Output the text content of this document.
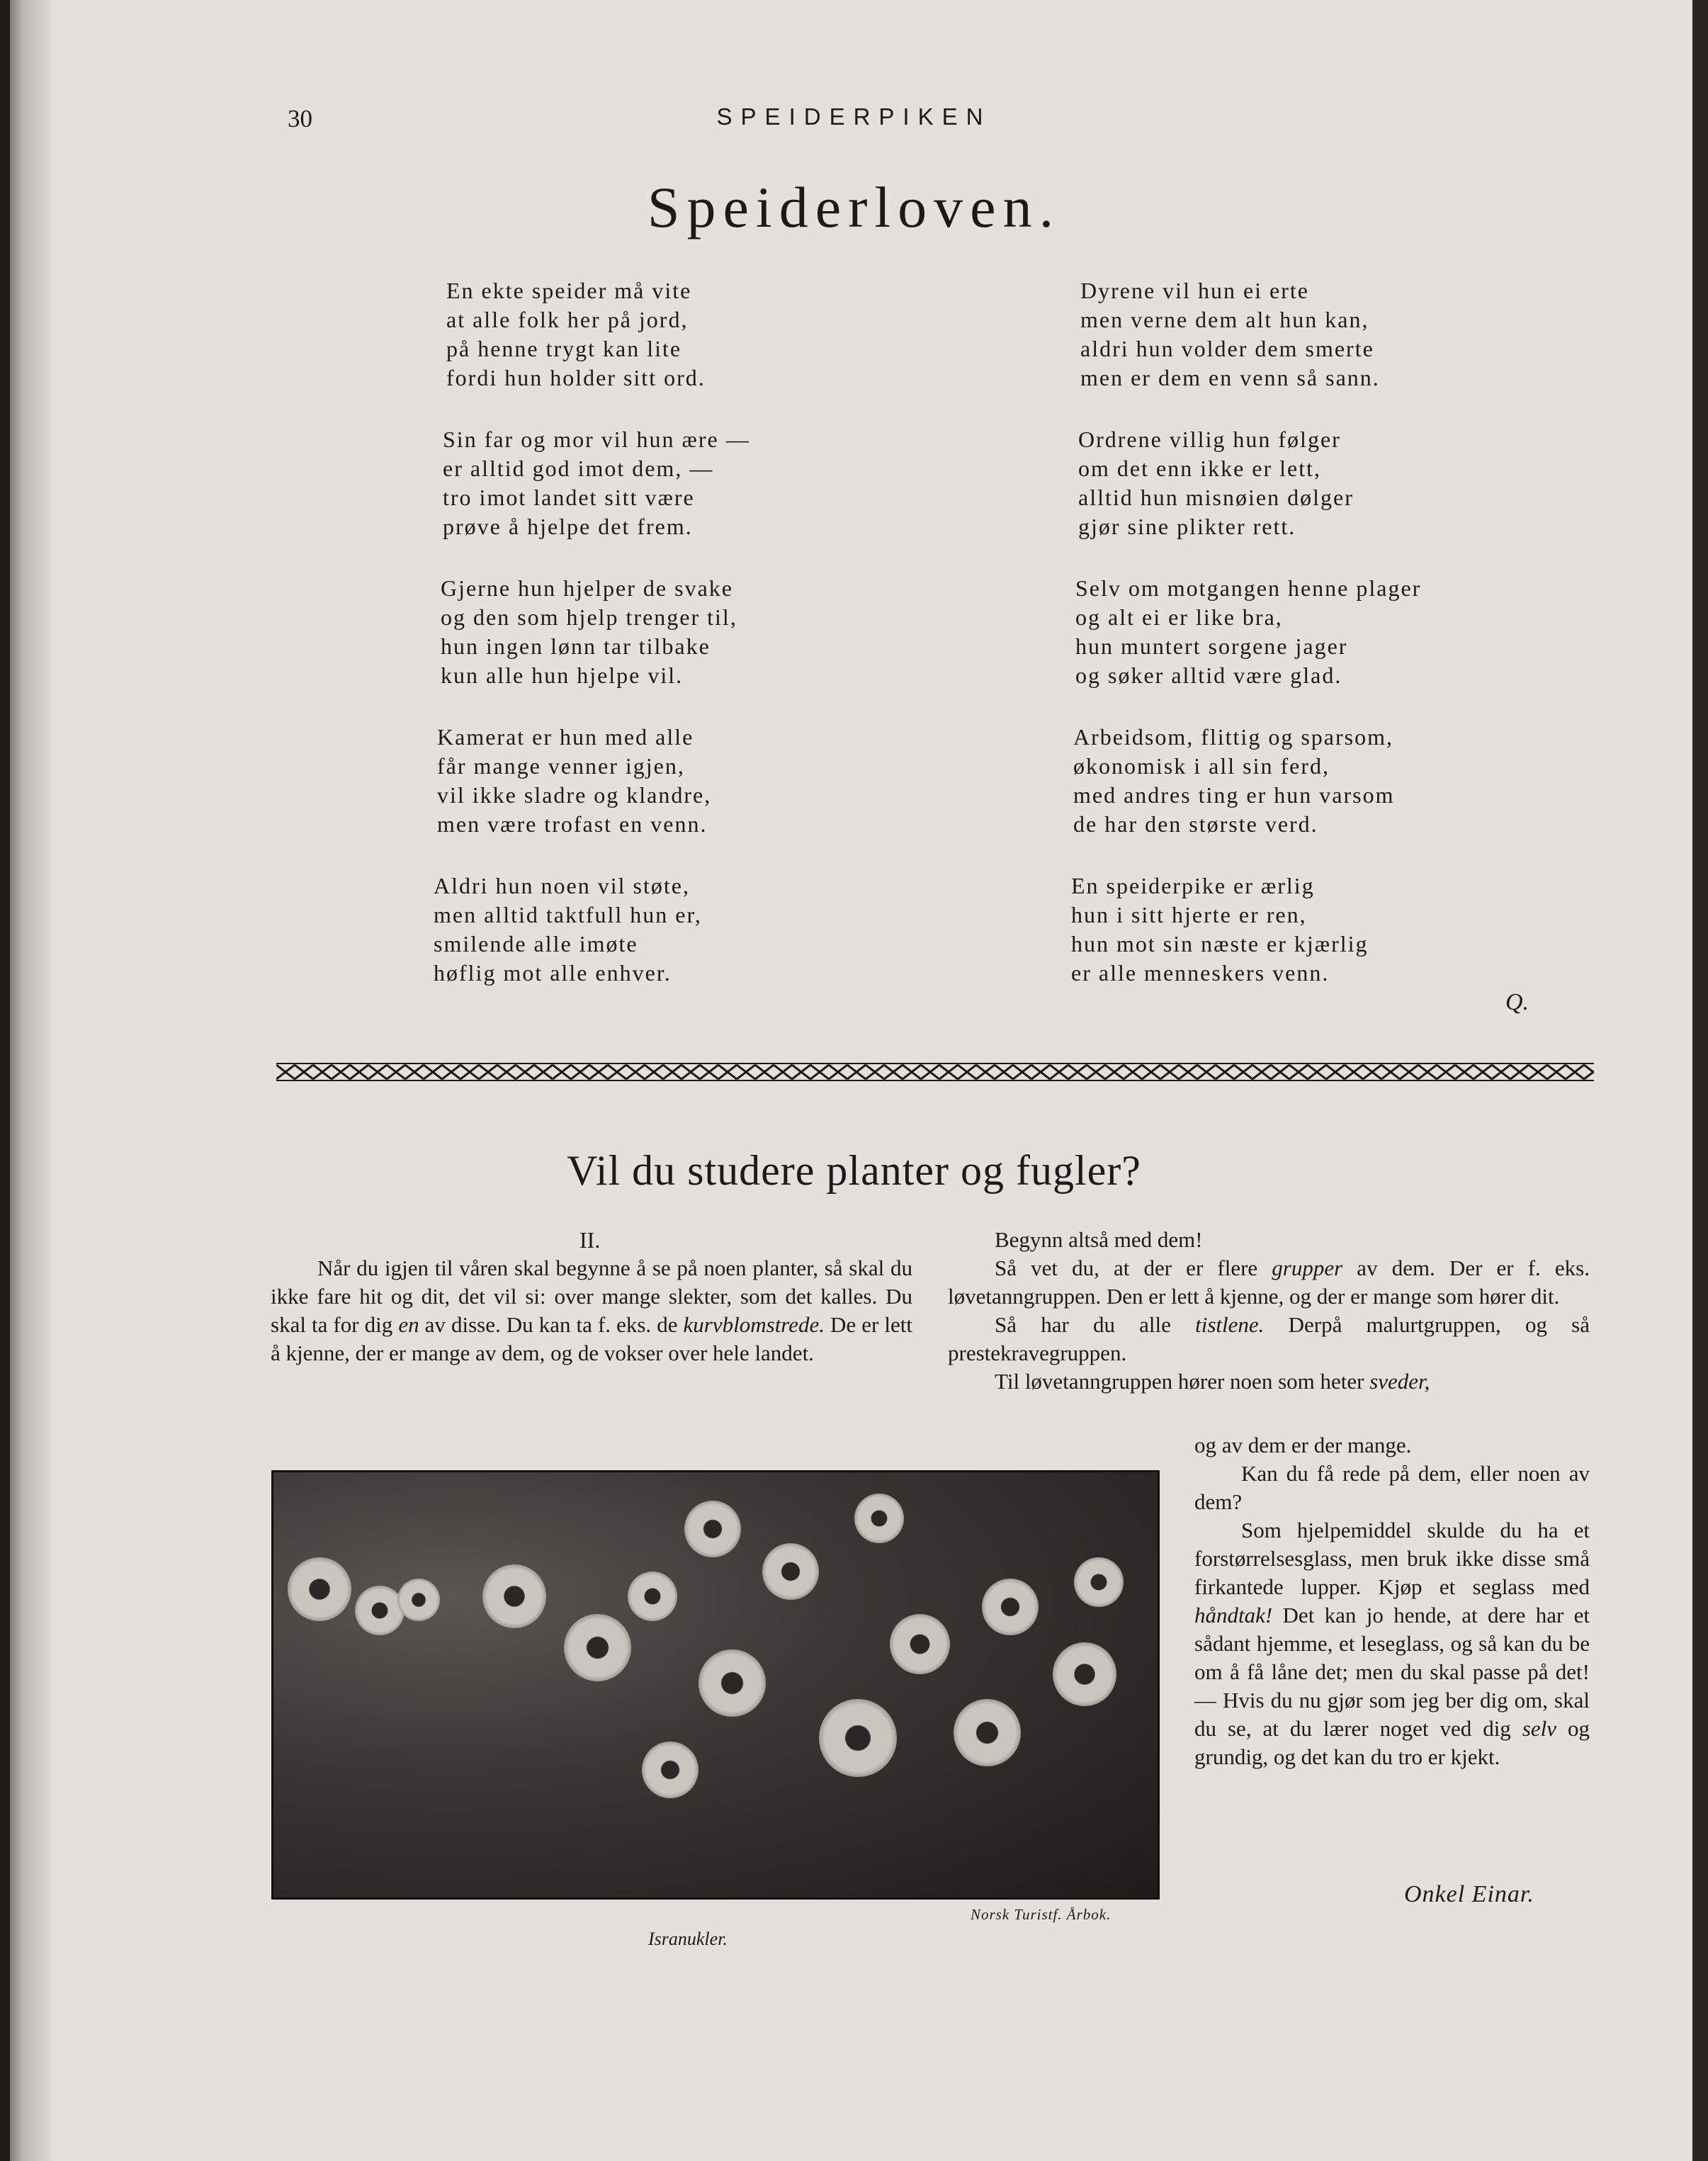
30	SPEIDERPIKEN
Speiderloven.
En ekte speider må vite
at alle folk her på jord,
på henne trygt kan lite
fordi hun holder sitt ord.
Sin far og mor vil hun ære —
er alltid god imot dem, —
tro imot landet sitt være
prøve å hjelpe det frem.
Gjerne hun hjelper de svake
og den som hjelp trenger til,
hun ingen lønn tar tilbake
kun alle hun hjelpe vil.
Kamerat er hun med alle
får mange venner igjen,
vil ikke sladre og klandre,
men være trofast en venn.
Aldri hun noen vil støte,
men alltid taktfull hun er,
smilende alle imøte
høflig mot alle enhver.
Dyrene vil hun ei erte
men verne dem alt hun kan,
aldri hun volder dem smerte
men er dem en venn så sann.
Ordrene villig hun følger
om det enn ikke er lett,
alltid hun misnøien dølger
gjør sine plikter rett.
Selv om motgangen henne plager
og alt ei er like bra,
hun muntert sorgene jager
og søker alltid være glad.
Arbeidsom, flittig og sparsom,
økonomisk i all sin ferd,
med andres ting er hun varsom
de har den største verd.
En speiderpike er ærlig
hun i sitt hjerte er ren,
hun mot sin næste er kjærlig
er alle menneskers venn.
Q.
Vil du studere planter og fugler?
II.

Når du igjen til våren skal begynne å se på noen planter, så skal du ikke fare hit og dit, det vil si: over mange slekter, som det kalles. Du skal ta for dig en av disse. Du kan ta f. eks. de kurvblomstrede. De er lett å kjenne, der er mange av dem, og de vokser over hele landet.

Begynn altså med dem!

Så vet du, at der er flere grupper av dem. Der er f. eks. løvetanngruppen. Den er lett å kjenne, og der er mange som hører dit.

Så har du alle tistlene. Derpå malurtgruppen, og så prestekravegruppen.

Til løvetanngruppen hører noen som heter sveder,

og av dem er der mange.

Kan du få rede på dem, eller noen av dem?

Som hjelpemiddel skulde du ha et forstørrelsesglass, men bruk ikke disse små firkantede lupper. Kjøp et seglass med håndtak! Det kan jo hende, at dere har et sådant hjemme, et leseglass, og så kan du be om å få låne det; men du skal passe på det! — Hvis du nu gjør som jeg ber dig om, skal du se, at du lærer noget ved dig selv og grundig, og det kan du tro er kjekt.

Onkel Einar.
Norsk Turistf. Årbok.
Isranukler.
